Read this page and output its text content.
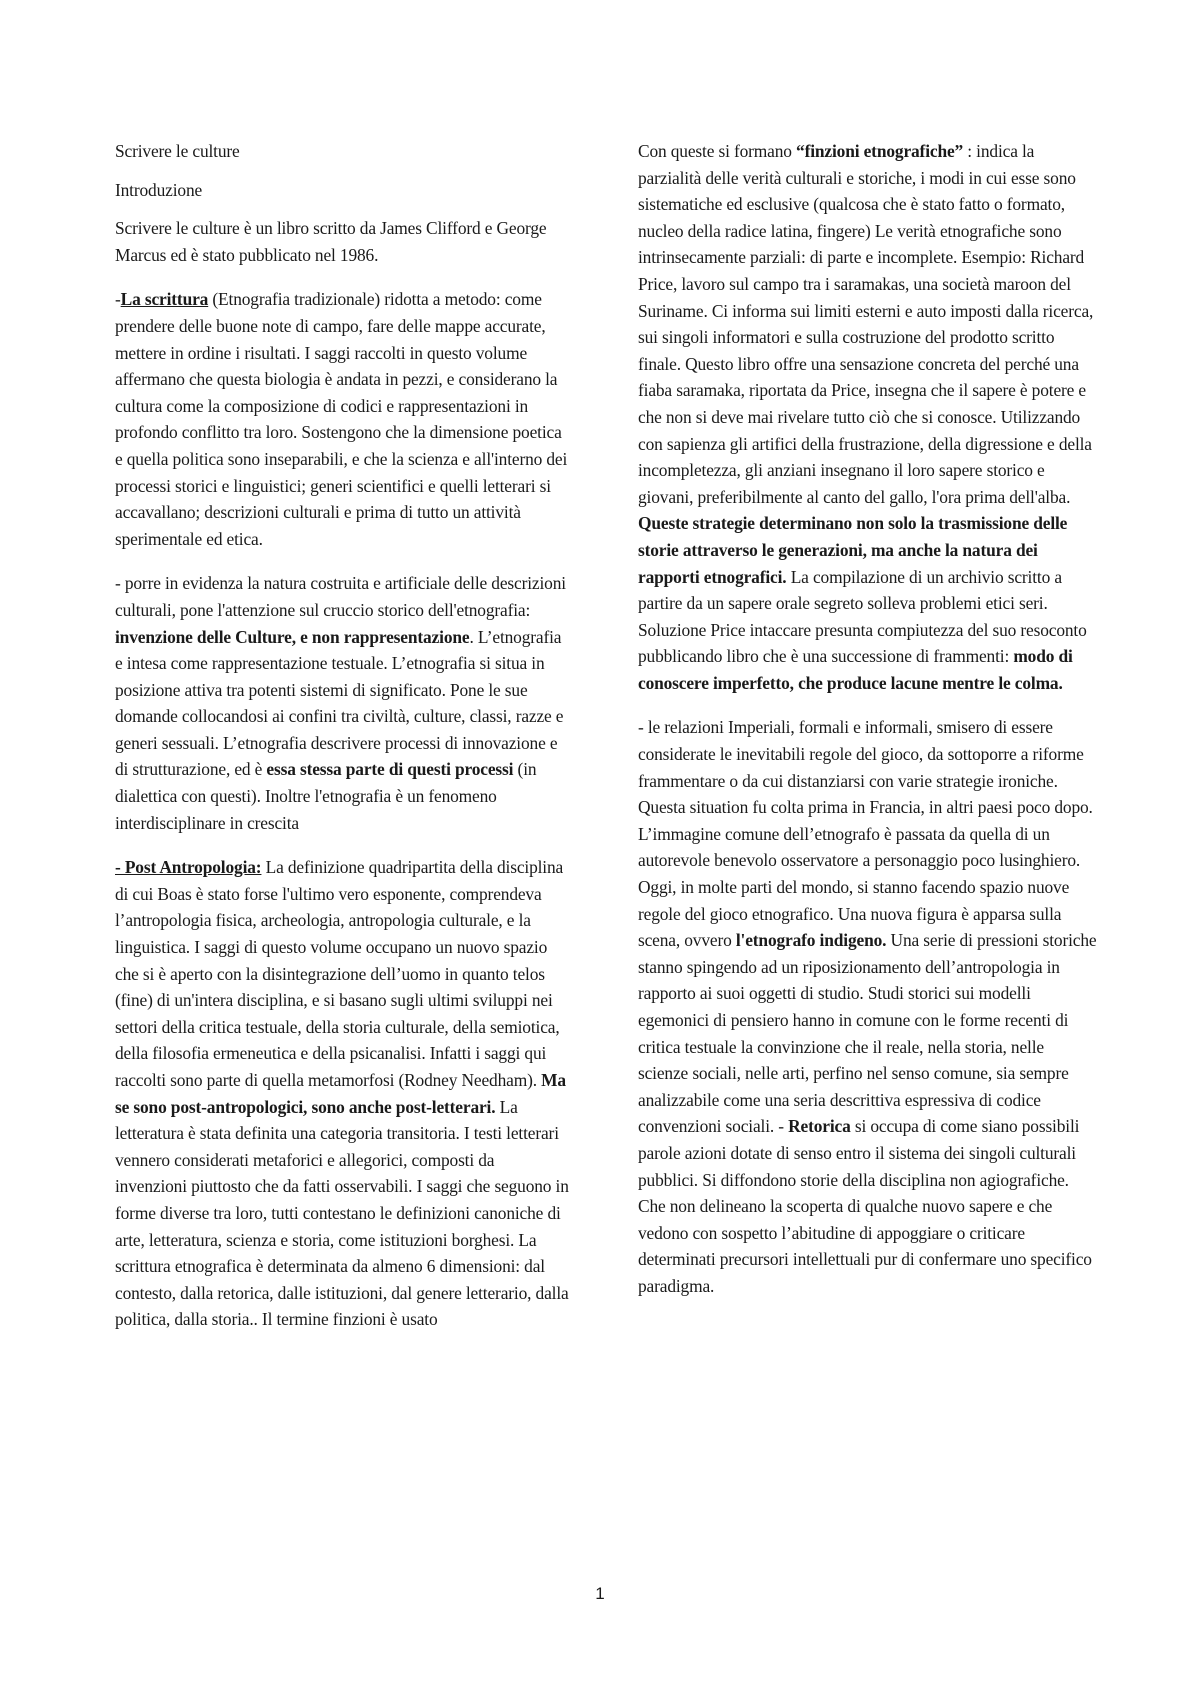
Scrivere le culture

Introduzione

Scrivere le culture è un libro scritto da James Clifford e George Marcus ed è stato pubblicato nel 1986.

-La scrittura (Etnografia tradizionale) ridotta a metodo: come prendere delle buone note di campo, fare delle mappe accurate, mettere in ordine i risultati. I saggi raccolti in questo volume affermano che questa biologia è andata in pezzi, e considerano la cultura come la composizione di codici e rappresentazioni in profondo conflitto tra loro. Sostengono che la dimensione poetica e quella politica sono inseparabili, e che la scienza e all'interno dei processi storici e linguistici; generi scientifici e quelli letterari si accavallano; descrizioni culturali e prima di tutto un attività sperimentale ed etica.

- porre in evidenza la natura costruita e artificiale delle descrizioni culturali, pone l'attenzione sul cruccio storico dell'etnografia: invenzione delle Culture, e non rappresentazione. L’etnografia e intesa come rappresentazione testuale. L’etnografia si situa in posizione attiva tra potenti sistemi di significato. Pone le sue domande collocandosi ai confini tra civiltà, culture, classi, razze e generi sessuali. L’etnografia descrivere processi di innovazione e di strutturazione, ed è essa stessa parte di questi processi (in dialettica con questi). Inoltre l'etnografia è un fenomeno interdisciplinare in crescita

- Post Antropologia: La definizione quadripartita della disciplina di cui Boas è stato forse l'ultimo vero esponente, comprendeva l’antropologia fisica, archeologia, antropologia culturale, e la linguistica. I saggi di questo volume occupano un nuovo spazio che si è aperto con la disintegrazione dell’uomo in quanto telos (fine) di un'intera disciplina, e si basano sugli ultimi sviluppi nei settori della critica testuale, della storia culturale, della semiotica, della filosofia ermeneutica e della psicanalisi. Infatti i saggi qui raccolti sono parte di quella metamorfosi (Rodney Needham). Ma se sono post-antropologici, sono anche post-letterari. La letteratura è stata definita una categoria transitoria. I testi letterari vennero considerati metaforici e allegorici, composti da invenzioni piuttosto che da fatti osservabili. I saggi che seguono in forme diverse tra loro, tutti contestano le definizioni canoniche di arte, letteratura, scienza e storia, come istituzioni borghesi. La scrittura etnografica è determinata da almeno 6 dimensioni: dal contesto, dalla retorica, dalle istituzioni, dal genere letterario, dalla politica, dalla storia.. Il termine finzioni è usato

Con queste si formano “finzioni etnografiche” : indica la parzialità delle verità culturali e storiche, i modi in cui esse sono sistematiche ed esclusive (qualcosa che è stato fatto o formato, nucleo della radice latina, fingere) Le verità etnografiche sono intrinsecamente parziali: di parte e incomplete. Esempio: Richard Price, lavoro sul campo tra i saramakas, una società maroon del Suriname. Ci informa sui limiti esterni e auto imposti dalla ricerca, sui singoli informatori e sulla costruzione del prodotto scritto finale. Questo libro offre una sensazione concreta del perché una fiaba saramaka, riportata da Price, insegna che il sapere è potere e che non si deve mai rivelare tutto ciò che si conosce. Utilizzando con sapienza gli artifici della frustrazione, della digressione e della incompletezza, gli anziani insegnano il loro sapere storico e giovani, preferibilmente al canto del gallo, l'ora prima dell'alba. Queste strategie determinano non solo la trasmissione delle storie attraverso le generazioni, ma anche la natura dei rapporti etnografici. La compilazione di un archivio scritto a partire da un sapere orale segreto solleva problemi etici seri. Soluzione Price intaccare presunta compiutezza del suo resoconto pubblicando libro che è una successione di frammenti: modo di conoscere imperfetto, che produce lacune mentre le colma.

- le relazioni Imperiali, formali e informali, smisero di essere considerate le inevitabili regole del gioco, da sottoporre a riforme frammentare o da cui distanziarsi con varie strategie ironiche. Questa situation fu colta prima in Francia, in altri paesi poco dopo. L’immagine comune dell’etnografo è passata da quella di un autorevole benevolo osservatore a personaggio poco lusinghiero. Oggi, in molte parti del mondo, si stanno facendo spazio nuove regole del gioco etnografico. Una nuova figura è apparsa sulla scena, ovvero l'etnografo indigeno. Una serie di pressioni storiche stanno spingendo ad un riposizionamento dell’antropologia in rapporto ai suoi oggetti di studio. Studi storici sui modelli egemonici di pensiero hanno in comune con le forme recenti di critica testuale la convinzione che il reale, nella storia, nelle scienze sociali, nelle arti, perfino nel senso comune, sia sempre analizzabile come una seria descrittiva espressiva di codice convenzioni sociali. - Retorica si occupa di come siano possibili parole azioni dotate di senso entro il sistema dei singoli culturali pubblici. Si diffondono storie della disciplina non agiografiche. Che non delineano la scoperta di qualche nuovo sapere e che vedono con sospetto l’abitudine di appoggiare o criticare determinati precursori intellettuali pur di confermare uno specifico paradigma.

1
